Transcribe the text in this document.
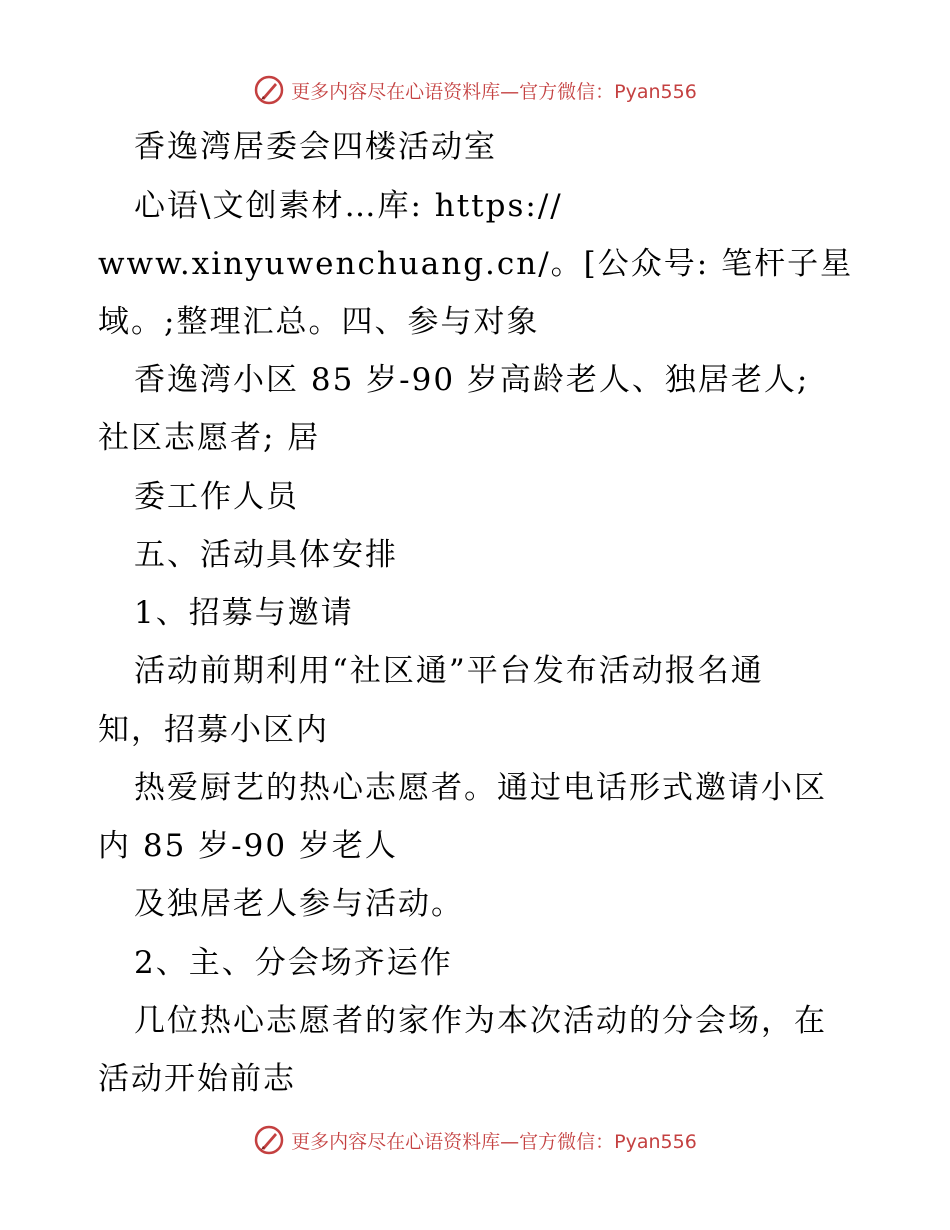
更多内容尽在心语资料库—官方微信：Pyan556

香逸湾居委会四楼活动室

心语\文创素材…库: https://

www.xinyuwenchuang.cn/。[公众号: 笔杆子星

域。;整理汇总。四、参与对象

香逸湾小区 85 岁-90 岁高龄老人、独居老人;

社区志愿者; 居

委工作人员

五、活动具体安排

1、招募与邀请

活动前期利用“社区通”平台发布活动报名通

知，招募小区内

热爱厨艺的热心志愿者。通过电话形式邀请小区

内 85 岁-90 岁老人

及独居老人参与活动。

2、主、分会场齐运作

几位热心志愿者的家作为本次活动的分会场，在

活动开始前志

更多内容尽在心语资料库—官方微信：Pyan556
